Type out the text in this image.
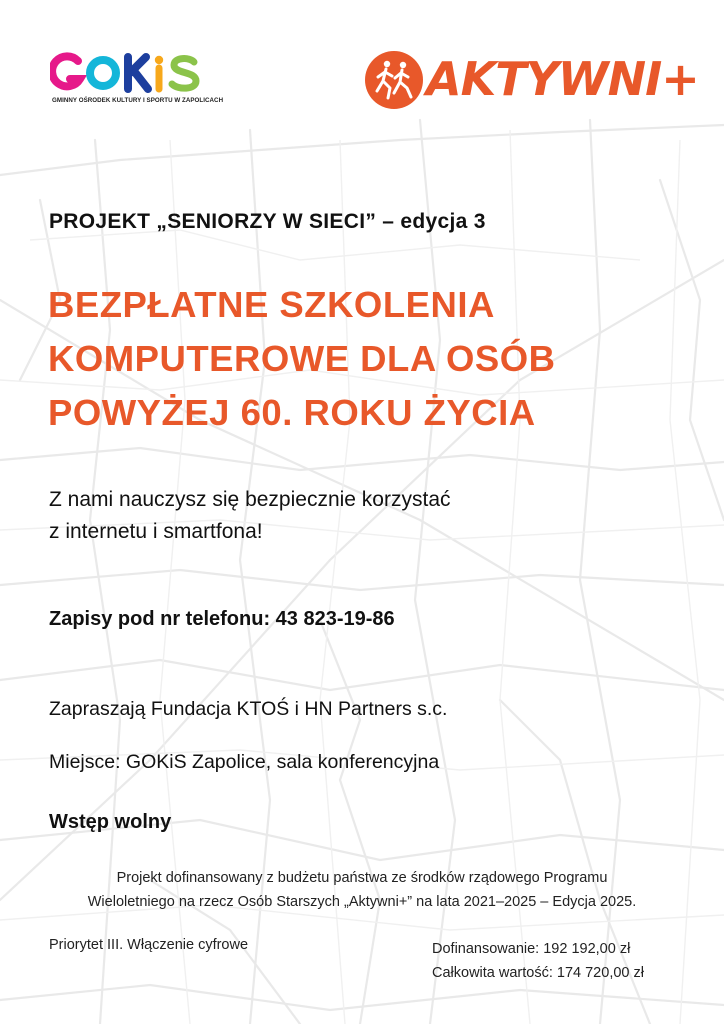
GMINNY OŚRODEK KULTURY I SPORTU W ZAPOLICACH	AKTYWNI+
PROJEKT „SENIORZY W SIECI” – edycja 3
BEZPŁATNE SZKOLENIA
KOMPUTEROWE DLA OSÓB
POWYŻEJ 60. ROKU ŻYCIA
Z nami nauczysz się bezpiecznie korzystać
z internetu i smartfona!
Zapisy pod nr telefonu: 43 823-19-86
Zapraszają Fundacja KTOŚ i HN Partners s.c.
Miejsce: GOKiS Zapolice, sala konferencyjna
Wstęp wolny
Projekt dofinansowany z budżetu państwa ze środków rządowego Programu
Wieloletniego na rzecz Osób Starszych „Aktywni+” na lata 2021–2025 – Edycja 2025.
Priorytet III. Włączenie cyfrowe	Dofinansowanie: 192 192,00 zł
Całkowita wartość: 174 720,00 zł
